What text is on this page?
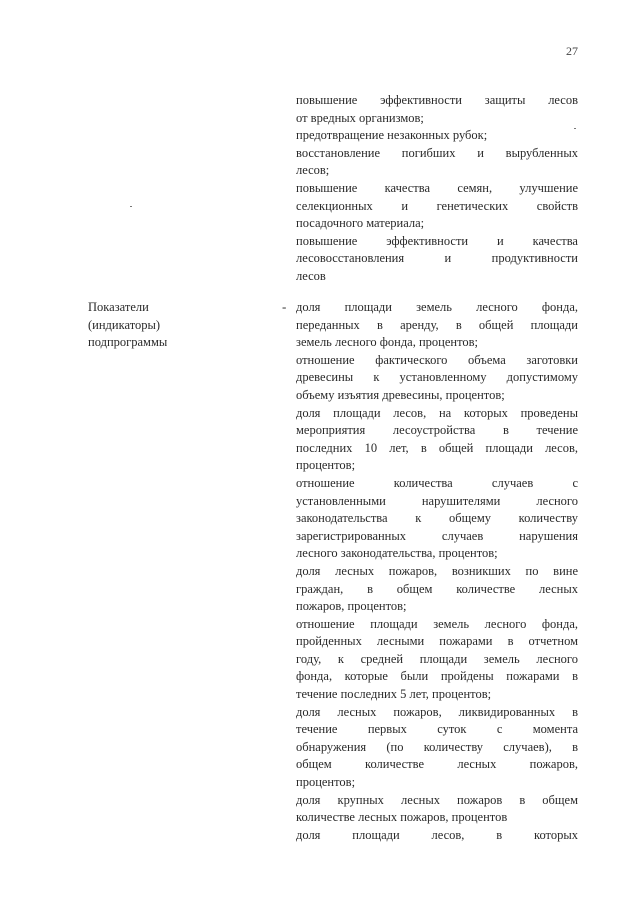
27
повышение эффективности защиты лесов
от вредных организмов;
предотвращение незаконных рубок;
восстановление погибших и вырубленных
лесов;
повышение качества семян, улучшение
селекционных и генетических свойств
посадочного материала;
повышение эффективности и качества
лесовосстановления и продуктивности
лесов
Показатели
(индикаторы)
подпрограммы
- доля площади земель лесного фонда,
переданных в аренду, в общей площади
земель лесного фонда, процентов;
отношение фактического объема заготовки
древесины к установленному допустимому
объему изъятия древесины, процентов;
доля площади лесов, на которых проведены
мероприятия лесоустройства в течение
последних 10 лет, в общей площади лесов,
процентов;
отношение количества случаев с
установленными нарушителями лесного
законодательства к общему количеству
зарегистрированных случаев нарушения
лесного законодательства, процентов;
доля лесных пожаров, возникших по вине
граждан, в общем количестве лесных
пожаров, процентов;
отношение площади земель лесного фонда,
пройденных лесными пожарами в отчетном
году, к средней площади земель лесного
фонда, которые были пройдены пожарами в
течение последних 5 лет, процентов;
доля лесных пожаров, ликвидированных в
течение первых суток с момента
обнаружения (по количеству случаев), в
общем количестве лесных пожаров,
процентов;
доля крупных лесных пожаров в общем
количестве лесных пожаров, процентов
доля площади лесов, в которых
